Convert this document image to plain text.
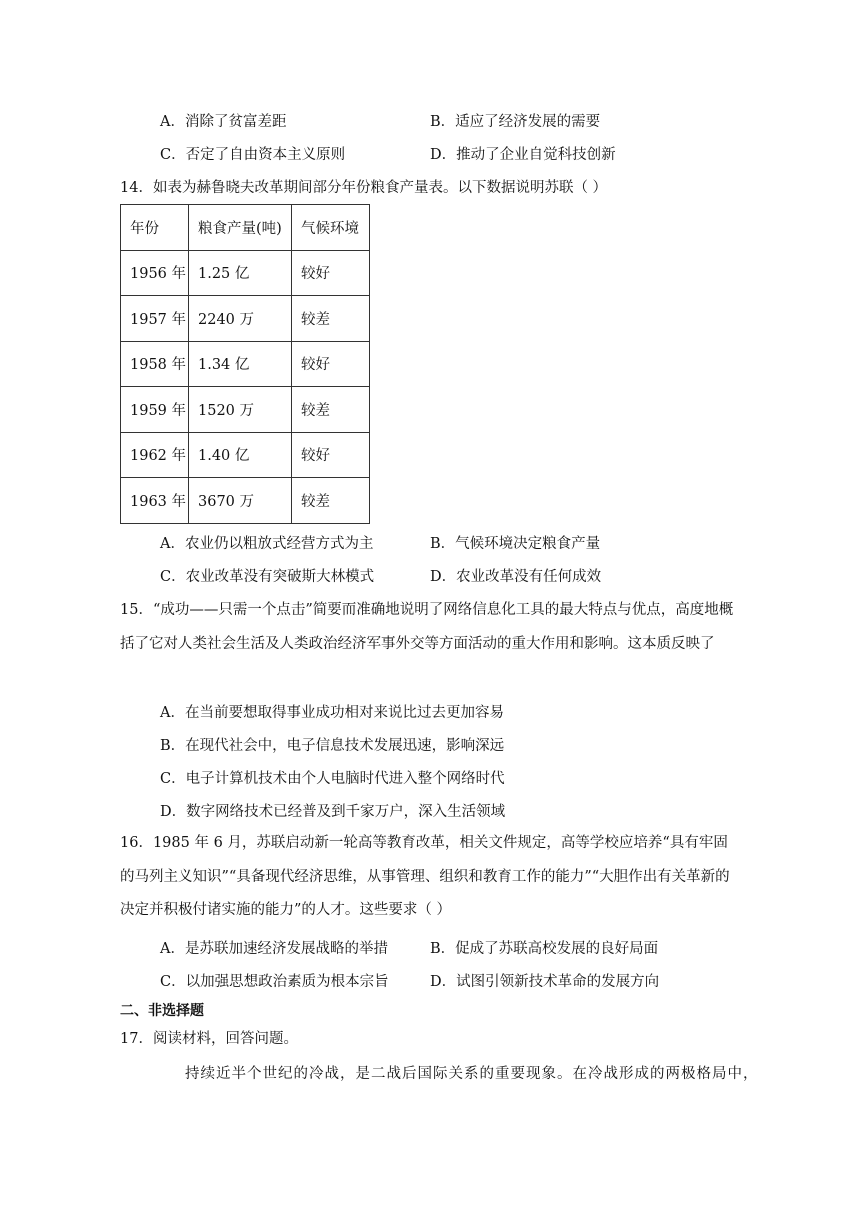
A．消除了贫富差距	B．适应了经济发展的需要
C．否定了自由资本主义原则	D．推动了企业自觉科技创新
14．如表为赫鲁晓夫改革期间部分年份粮食产量表。以下数据说明苏联（ ）
年份	粮食产量(吨)	气候环境
1956 年	1.25 亿	较好
1957 年	2240 万	较差
1958 年	1.34 亿	较好
1959 年	1520 万	较差
1962 年	1.40 亿	较好
1963 年	3670 万	较差
A．农业仍以粗放式经营方式为主	B．气候环境决定粮食产量
C．农业改革没有突破斯大林模式	D．农业改革没有任何成效
15．“成功——只需一个点击”简要而准确地说明了网络信息化工具的最大特点与优点，高度地概括了它对人类社会生活及人类政治经济军事外交等方面活动的重大作用和影响。这本质反映了
A．在当前要想取得事业成功相对来说比过去更加容易
B．在现代社会中，电子信息技术发展迅速，影响深远
C．电子计算机技术由个人电脑时代进入整个网络时代
D．数字网络技术已经普及到千家万户，深入生活领域
16．1985 年 6 月，苏联启动新一轮高等教育改革，相关文件规定，高等学校应培养“具有牢固的马列主义知识”“具备现代经济思维，从事管理、组织和教育工作的能力”“大胆作出有关革新的决定并积极付诸实施的能力”的人才。这些要求（ ）
A．是苏联加速经济发展战略的举措	B．促成了苏联高校发展的良好局面
C．以加强思想政治素质为根本宗旨	D．试图引领新技术革命的发展方向
二、非选择题
17．阅读材料，回答问题。
持续近半个世纪的冷战，是二战后国际关系的重要现象。在冷战形成的两极格局中，
